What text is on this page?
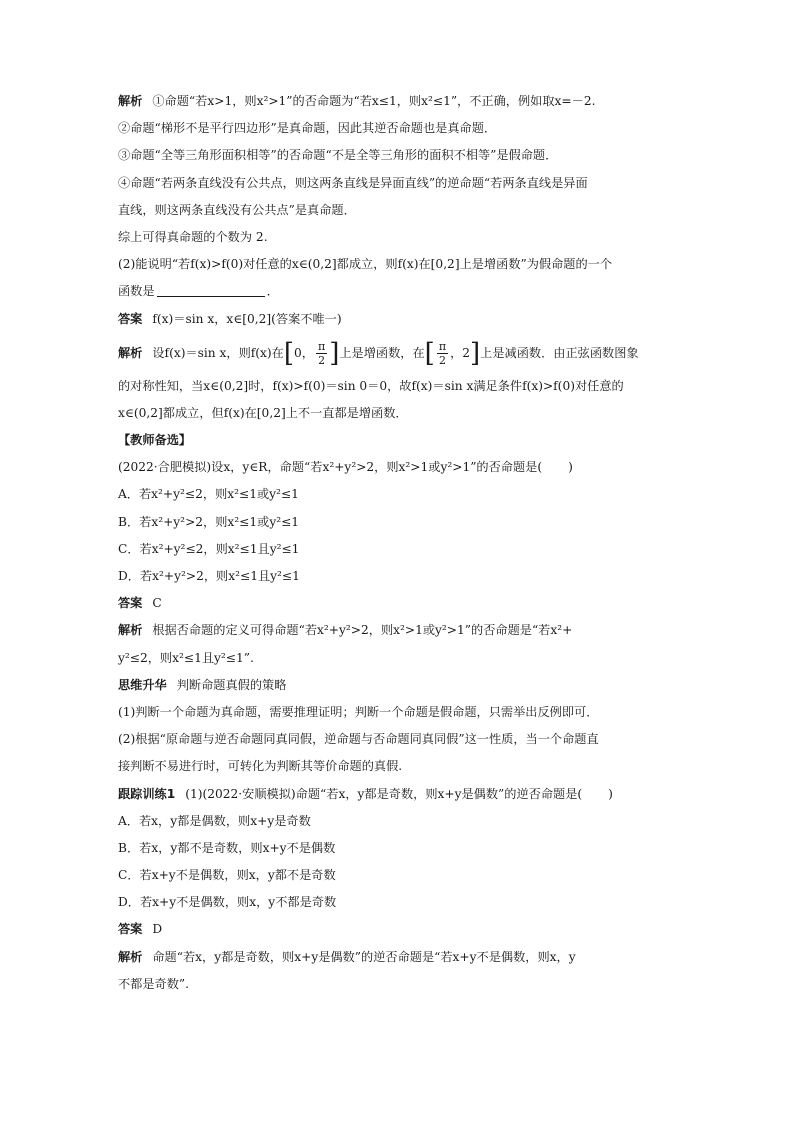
解析 ①命题“若x>1，则x²>1”的否命题为“若x≤1，则x²≤1”，不正确，例如取x=－2.
②命题“梯形不是平行四边形”是真命题，因此其逆否命题也是真命题．
③命题“全等三角形面积相等”的否命题“不是全等三角形的面积不相等”是假命题．
④命题“若两条直线没有公共点，则这两条直线是异面直线”的逆命题“若两条直线是异面
直线，则这两条直线没有公共点”是真命题．
综上可得真命题的个数为 2.
(2)能说明“若f(x)>f(0)对任意的x∈(0,2]都成立，则f(x)在[0,2]上是增函数”为假命题的一个
函数是	．
答案 f(x)＝sin x，x∈[0,2](答案不唯一)
解析 设f(x)＝sin x，则f(x)在[0， $\frac{\pi}{2}$ ]上是增函数，在[ $\frac{\pi}{2}$ ，2]上是减函数．由正弦函数图象
的对称性知，当x∈(0,2]时，f(x)>f(0)＝sin 0＝0，故f(x)＝sin x满足条件f(x)>f(0)对任意的
x∈(0,2]都成立，但f(x)在[0,2]上不一直都是增函数．
【教师备选】
(2022·合肥模拟)设x，y∈R，命题“若x²+y²>2，则x²>1或y²>1”的否命题是( )
A．若x²+y²≤2，则x²≤1或y²≤1
B．若x²+y²>2，则x²≤1或y²≤1
C．若x²+y²≤2，则x²≤1且y²≤1
D．若x²+y²>2，则x²≤1且y²≤1
答案 C
解析 根据否命题的定义可得命题“若x²+y²>2，则x²>1或y²>1”的否命题是“若x²+
y²≤2，则x²≤1且y²≤1”.
思维升华 判断命题真假的策略
(1)判断一个命题为真命题，需要推理证明；判断一个命题是假命题，只需举出反例即可．
(2)根据“原命题与逆否命题同真同假，逆命题与否命题同真同假”这一性质，当一个命题直
接判断不易进行时，可转化为判断其等价命题的真假.
跟踪训练1 (1)(2022·安顺模拟)命题“若x，y都是奇数，则x+y是偶数”的逆否命题是( )
A．若x，y都是偶数，则x+y是奇数
B．若x，y都不是奇数，则x+y不是偶数
C．若x+y不是偶数，则x，y都不是奇数
D．若x+y不是偶数，则x，y不都是奇数
答案 D
解析 命题“若x，y都是奇数，则x+y是偶数”的逆否命题是“若x+y不是偶数，则x，y
不都是奇数”.
